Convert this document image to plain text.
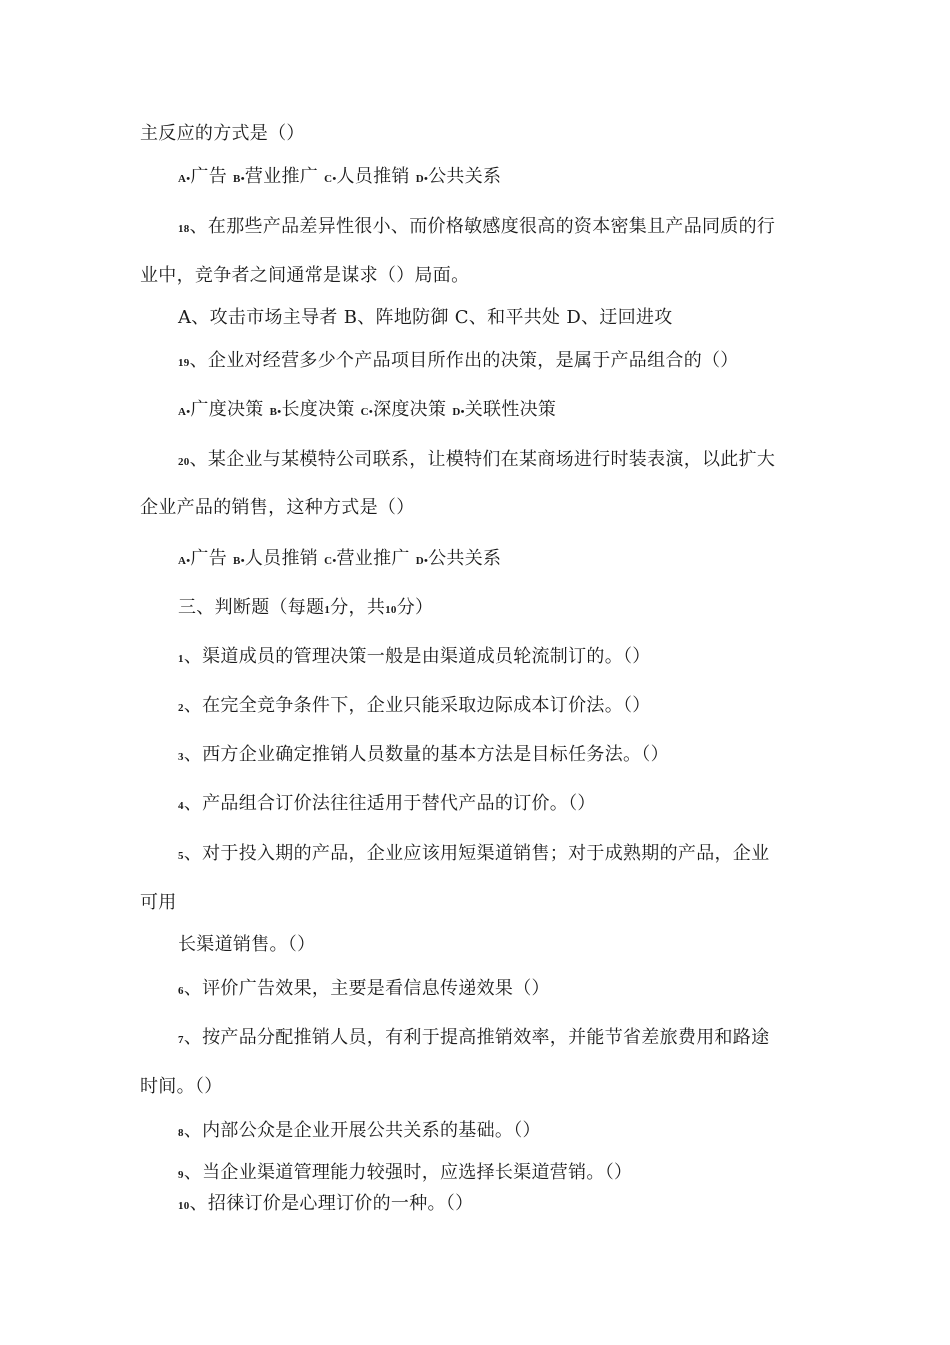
主反应的方式是（）
A•广告 B•营业推广 C•人员推销 D•公共关系
18、在那些产品差异性很小、而价格敏感度很高的资本密集且产品同质的行
业中，竞争者之间通常是谋求（）局面。
A、攻击市场主导者 B、阵地防御 C、和平共处 D、迂回进攻
19、企业对经营多少个产品项目所作出的决策，是属于产品组合的（）
A•广度决策 B•长度决策 C•深度决策 D•关联性决策
20、某企业与某模特公司联系，让模特们在某商场进行时装表演，以此扩大
企业产品的销售，这种方式是（）
A•广告 B•人员推销 C•营业推广 D•公共关系
三、判断题（每题1分，共10分）
1、渠道成员的管理决策一般是由渠道成员轮流制订的。（）
2、在完全竞争条件下，企业只能采取边际成本订价法。（）
3、西方企业确定推销人员数量的基本方法是目标任务法。（）
4、产品组合订价法往往适用于替代产品的订价。（）
5、对于投入期的产品，企业应该用短渠道销售；对于成熟期的产品，企业
可用
长渠道销售。（）
6、评价广告效果，主要是看信息传递效果（）
7、按产品分配推销人员，有利于提高推销效率，并能节省差旅费用和路途
时间。（）
8、内部公众是企业开展公共关系的基础。（）
9、当企业渠道管理能力较强时，应选择长渠道营销。（）
10、招徕订价是心理订价的一种。（）
